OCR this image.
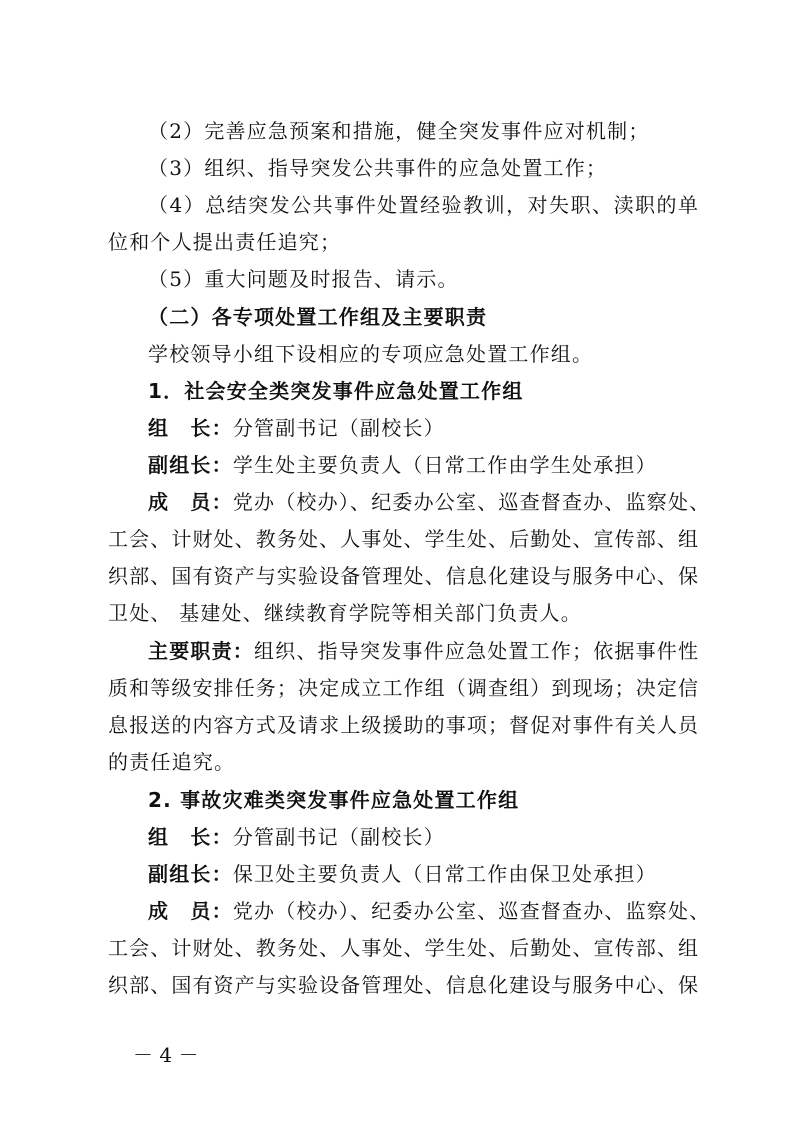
（2）完善应急预案和措施，健全突发事件应对机制；
（3）组织、指导突发公共事件的应急处置工作；
（4）总结突发公共事件处置经验教训，对失职、渎职的单
位和个人提出责任追究；
（5）重大问题及时报告、请示。
（二）各专项处置工作组及主要职责
学校领导小组下设相应的专项应急处置工作组。
1．社会安全类突发事件应急处置工作组
组　长：分管副书记（副校长）
副组长：学生处主要负责人（日常工作由学生处承担）
成　员：党办（校办）、纪委办公室、巡查督查办、监察处、
工会、计财处、教务处、人事处、学生处、后勤处、宣传部、组
织部、国有资产与实验设备管理处、信息化建设与服务中心、保
卫处、 基建处、继续教育学院等相关部门负责人。
主要职责：组织、指导突发事件应急处置工作；依据事件性
质和等级安排任务；决定成立工作组（调查组）到现场；决定信
息报送的内容方式及请求上级援助的事项；督促对事件有关人员
的责任追究。
2. 事故灾难类突发事件应急处置工作组
组　长：分管副书记（副校长）
副组长：保卫处主要负责人（日常工作由保卫处承担）
成　员：党办（校办）、纪委办公室、巡查督查办、监察处、
工会、计财处、教务处、人事处、学生处、后勤处、宣传部、组
织部、国有资产与实验设备管理处、信息化建设与服务中心、保
－ 4 －
